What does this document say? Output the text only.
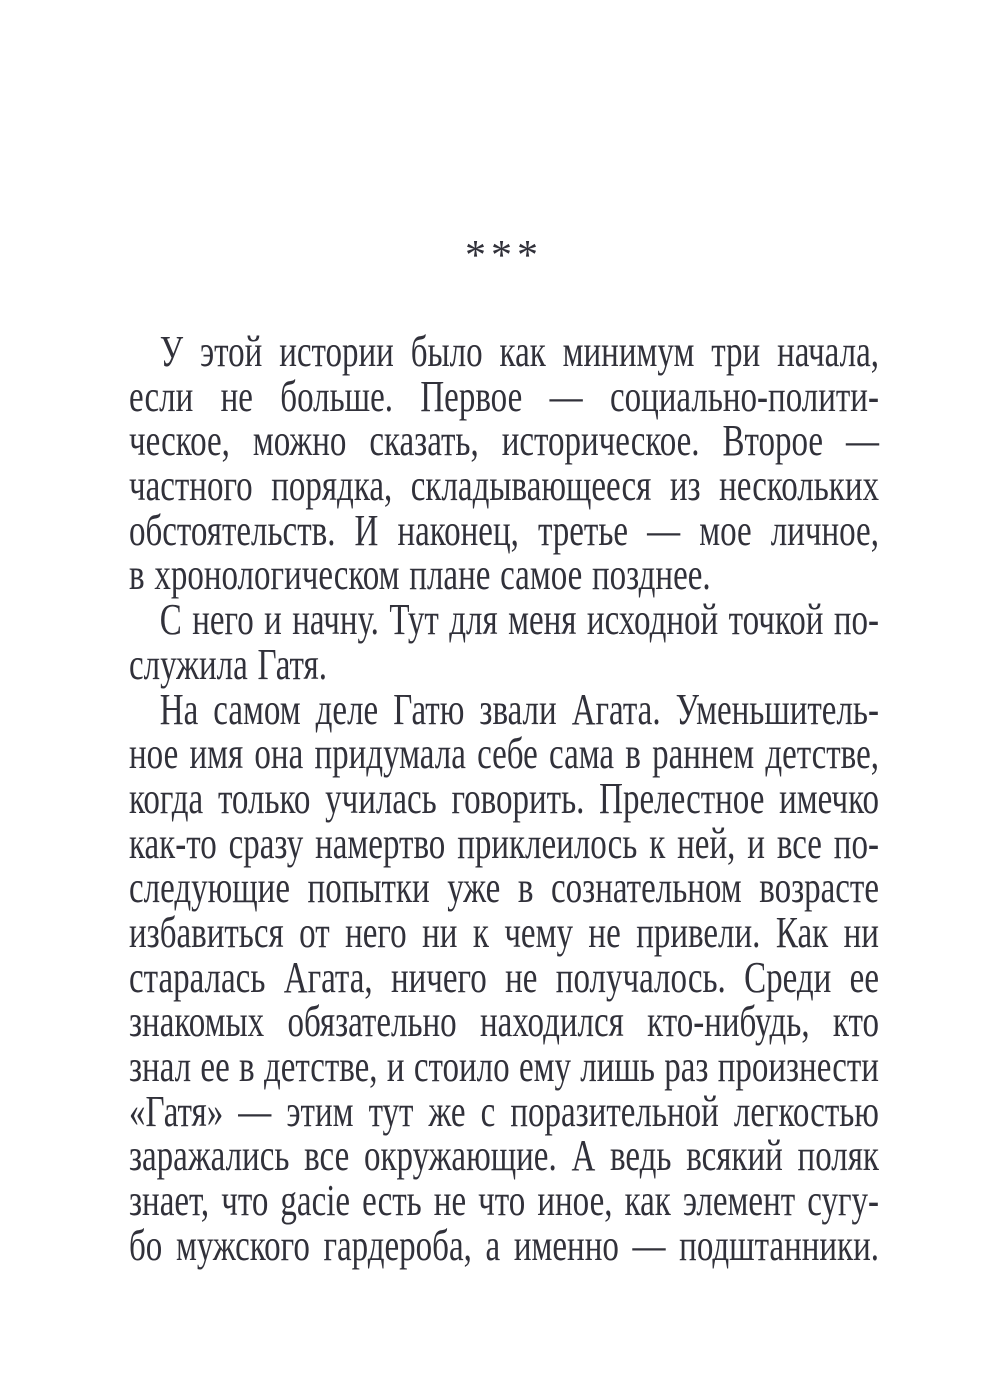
***
У этой истории было как минимум три начала,
если не больше. Первое — социально-полити-
ческое, можно сказать, историческое. Второе —
частного порядка, складывающееся из нескольких
обстоятельств. И наконец, третье — мое личное,
в хронологическом плане самое позднее.
С него и начну. Тут для меня исходной точкой по-
служила Гатя.
На самом деле Гатю звали Агата. Уменьшитель-
ное имя она придумала себе сама в раннем детстве,
когда только училась говорить. Прелестное имечко
как-то сразу намертво приклеилось к ней, и все по-
следующие попытки уже в сознательном возрасте
избавиться от него ни к чему не привели. Как ни
старалась Агата, ничего не получалось. Среди ее
знакомых обязательно находился кто-нибудь, кто
знал ее в детстве, и стоило ему лишь раз произнести
«Гатя» — этим тут же с поразительной легкостью
заражались все окружающие. А ведь всякий поляк
знает, что gacie есть не что иное, как элемент сугу-
бо мужского гардероба, а именно — подштанники.
